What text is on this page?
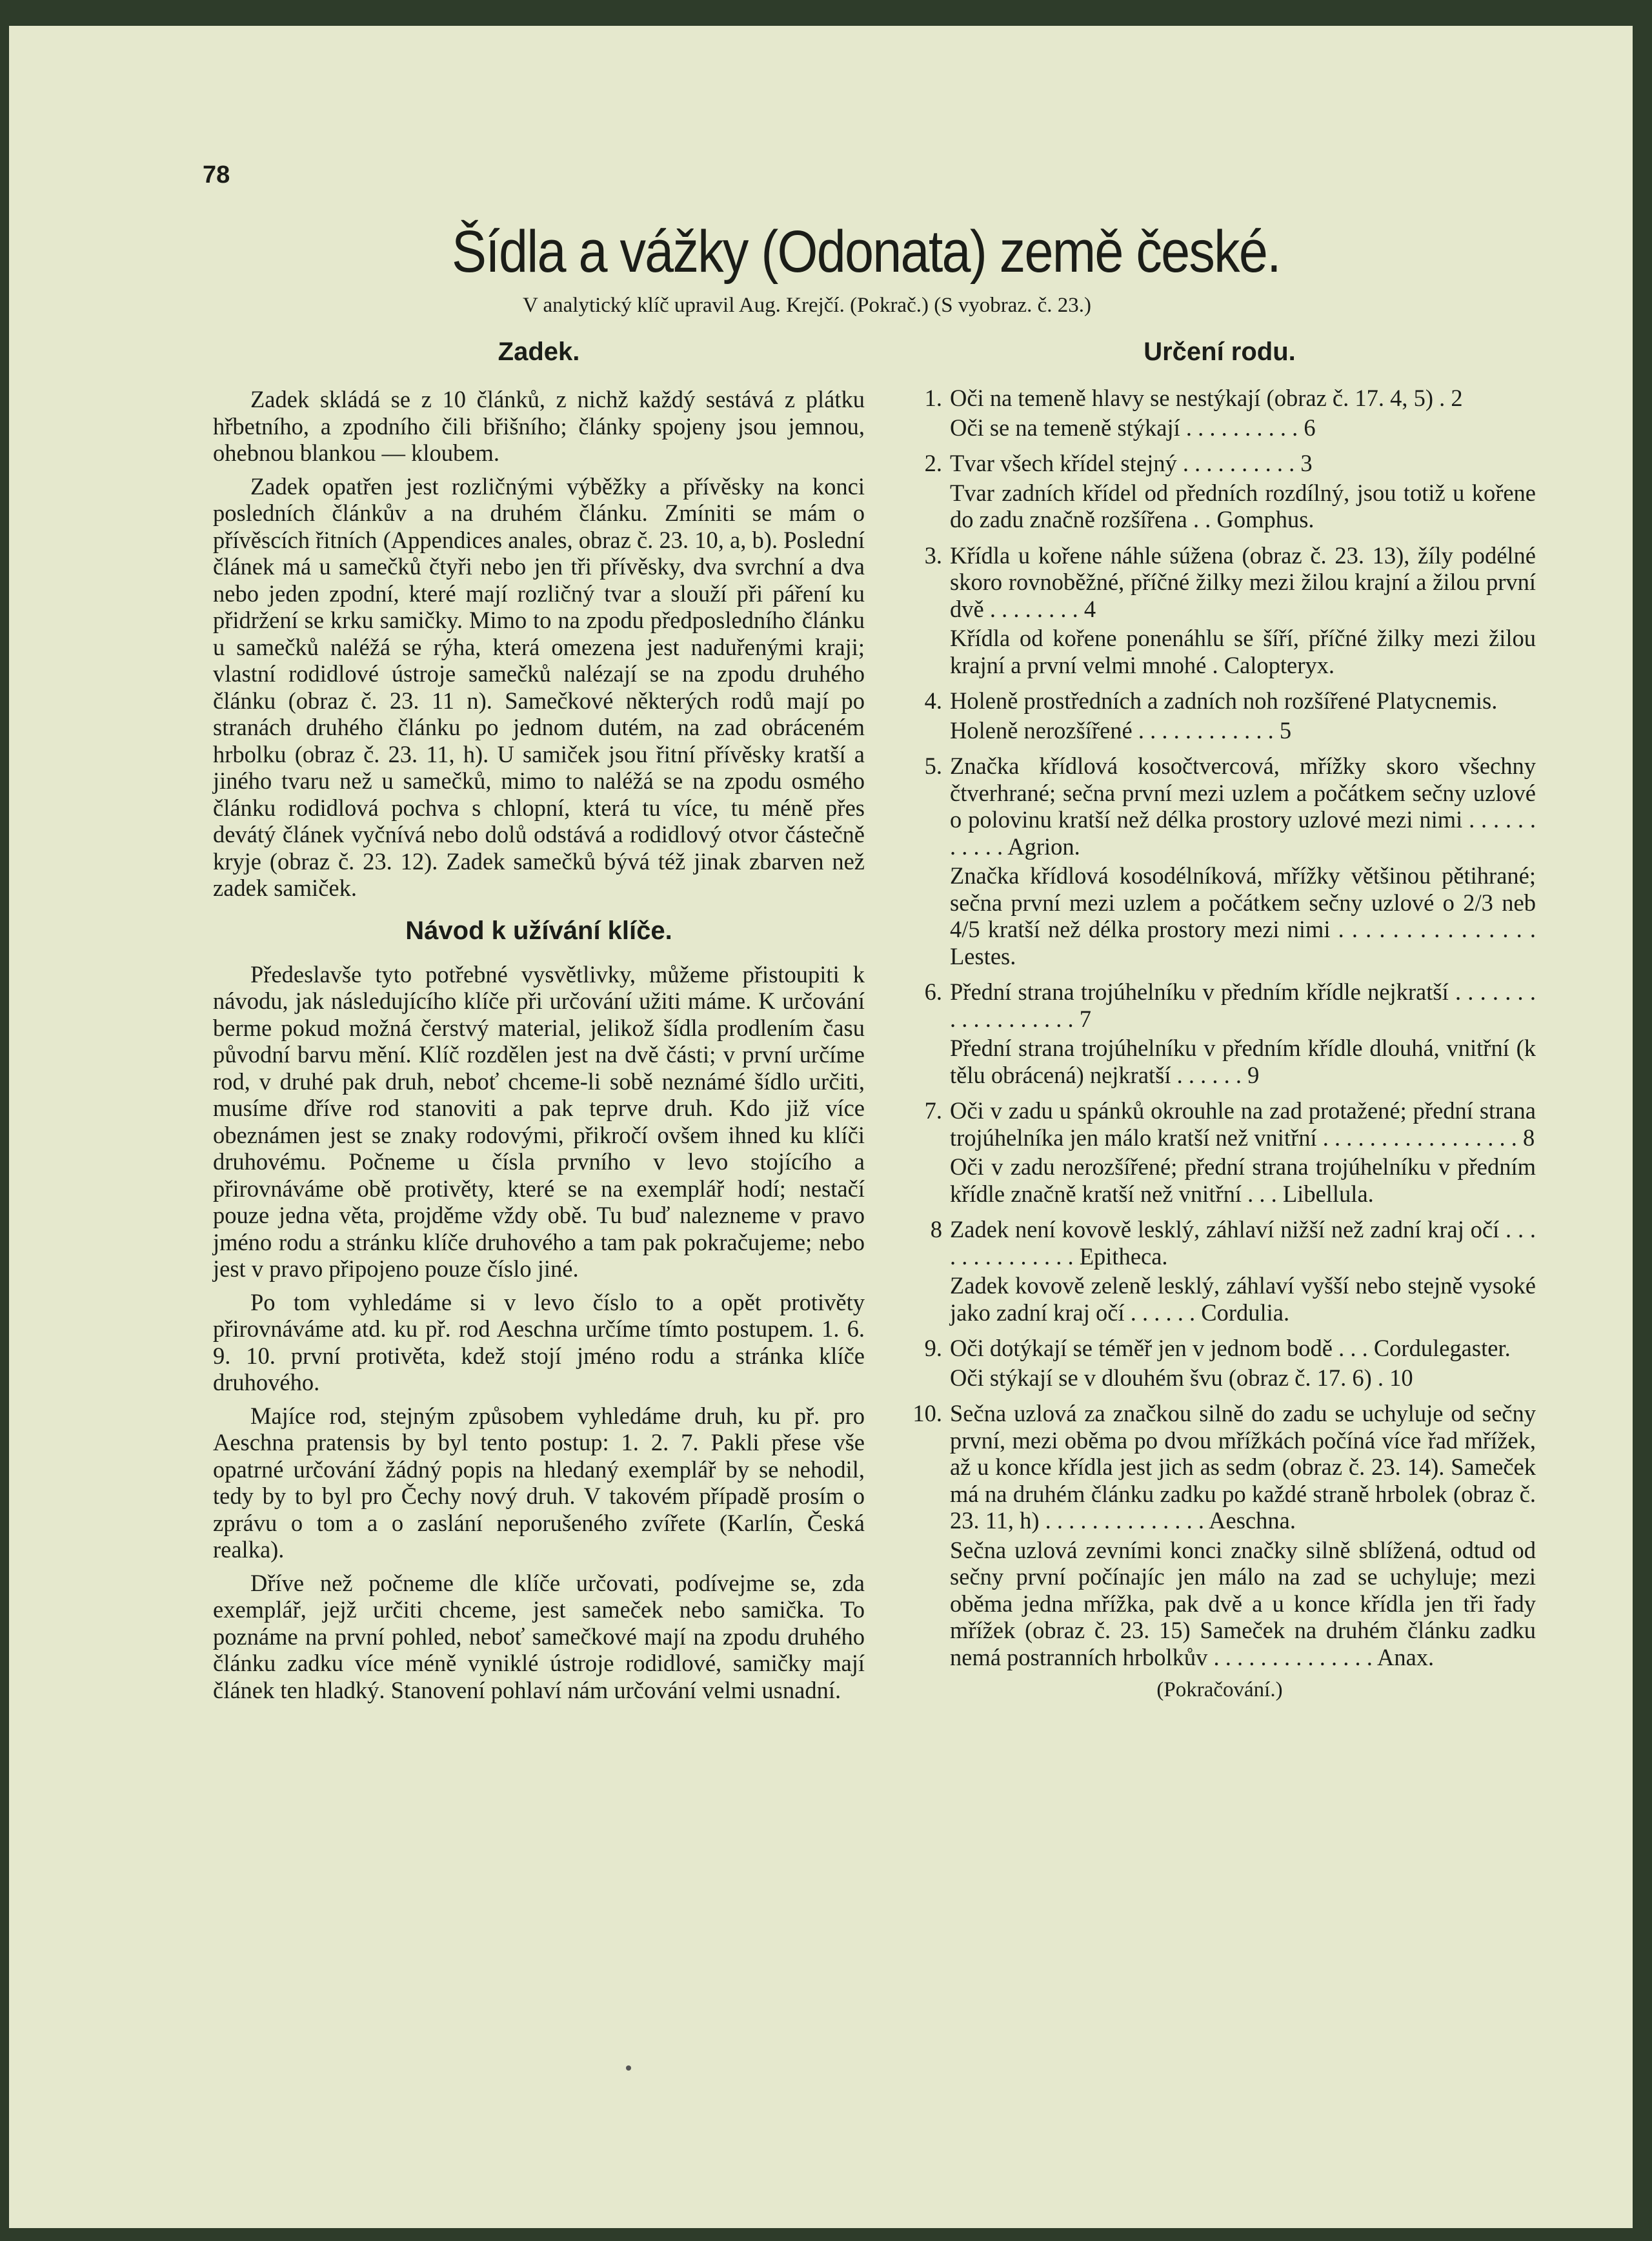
78
Šídla a vážky (Odonata) země české.
V analytický klíč upravil Aug. Krejčí. (Pokrač.) (S vyobraz. č. 23.)
Zadek.

Zadek skládá se z 10 článků, z nichž každý sestává z plátku hřbetního, a zpodního čili břišního; články spojeny jsou jemnou, ohebnou blankou — kloubem.

Zadek opatřen jest rozličnými výběžky a přívěsky na konci posledních článkův a na druhém článku. Zmíniti se mám o přívěscích řitních (Appendices anales, obraz č. 23. 10, a, b). Poslední článek má u samečků čtyři nebo jen tři přívěsky, dva svrchní a dva nebo jeden zpodní, které mají rozličný tvar a slouží při páření ku přidržení se krku samičky. Mimo to na zpodu předposledního článku u samečků naléžá se rýha, která omezena jest naduřenými kraji; vlastní rodidlové ústroje samečků nalézají se na zpodu druhého článku (obraz č. 23. 11 n). Samečkové některých rodů mají po stranách druhého článku po jednom dutém, na zad obráceném hrbolku (obraz č. 23. 11, h). U samiček jsou řitní přívěsky kratší a jiného tvaru než u samečků, mimo to naléžá se na zpodu osmého článku rodidlová pochva s chlopní, která tu více, tu méně přes devátý článek vyčnívá nebo dolů odstává a rodidlový otvor částečně kryje (obraz č. 23. 12). Zadek samečků bývá též jinak zbarven než zadek samiček.

Návod k užívání klíče.

Předeslavše tyto potřebné vysvětlivky, můžeme přistoupiti k návodu, jak následujícího klíče při určování užiti máme. K určování berme pokud možná čerstvý material, jelikož šídla prodlením času původní barvu mění. Klíč rozdělen jest na dvě části; v první určíme rod, v druhé pak druh, neboť chceme-li sobě neznámé šídlo určiti, musíme dříve rod stanoviti a pak teprve druh. Kdo již více obeznámen jest se znaky rodovými, přikročí ovšem ihned ku klíči druhovému. Počneme u čísla prvního v levo stojícího a přirovnáváme obě protivěty, které se na exemplář hodí; nestačí pouze jedna věta, projděme vždy obě. Tu buď nalezneme v pravo jméno rodu a stránku klíče druhového a tam pak pokračujeme; nebo jest v pravo připojeno pouze číslo jiné.

Po tom vyhledáme si v levo číslo to a opět protivěty přirovnáváme atd. ku př. rod Aeschna určíme tímto postupem. 1. 6. 9. 10. první protivěta, kdež stojí jméno rodu a stránka klíče druhového.

Majíce rod, stejným způsobem vyhledáme druh, ku př. pro Aeschna pratensis by byl tento postup: 1. 2. 7. Pakli přese vše opatrné určování žádný popis na hledaný exemplář by se nehodil, tedy by to byl pro Čechy nový druh. V takovém případě prosím o zprávu o tom a o zaslání neporušeného zvířete (Karlín, Česká realka).

Dříve než počneme dle klíče určovati, podívejme se, zda exemplář, jejž určiti chceme, jest sameček nebo samička. To poznáme na první pohled, neboť samečkové mají na zpodu druhého článku zadku více méně vyniklé ústroje rodidlové, samičky mají článek ten hladký. Stanovení pohlaví nám určování velmi usnadní.

Určení rodu.
1. Oči na temeně hlavy se nestýkají (obraz č. 17. 4, 5) . 2
Oči se na temeně stýkají . . . . . . . . . . 6
2. Tvar všech křídel stejný . . . . . . . . . . 3
Tvar zadních křídel od předních rozdílný, jsou totiž u kořene do zadu značně rozšířena . . Gomphus.
3. Křídla u kořene náhle súžena (obraz č. 23. 13), žíly podélné skoro rovnoběžné, příčné žilky mezi žilou krajní a žilou první dvě . . . . . . . . 4
Křídla od kořene ponenáhlu se šíří, příčné žilky mezi žilou krajní a první velmi mnohé . Calopteryx.
4. Holeně prostředních a zadních noh rozšířené Platycnemis.
Holeně nerozšířené . . . . . . . . . . . . 5
5. Značka křídlová kosočtvercová, mřížky skoro všechny čtverhrané; sečna první mezi uzlem a počátkem sečny uzlové o polovinu kratší než délka prostory uzlové mezi nimi . . . . . . . . . . . Agrion.
Značka křídlová kosodélníková, mřížky většinou pětihrané; sečna první mezi uzlem a počátkem sečny uzlové o 2/3 neb 4/5 kratší než délka prostory mezi nimi . . . . . . . . . . . . . . . Lestes.
6. Přední strana trojúhelníku v předním křídle nejkratší . . . . . . . . . . . . . . . . . . 7
Přední strana trojúhelníku v předním křídle dlouhá, vnitřní (k tělu obrácená) nejkratší . . . . . . 9
7. Oči v zadu u spánků okrouhle na zad protažené; přední strana trojúhelníka jen málo kratší než vnitřní . . . . . . . . . . . . . . . . . 8
Oči v zadu nerozšířené; přední strana trojúhelníku v předním křídle značně kratší než vnitřní . . . Libellula.
8 Zadek není kovově lesklý, záhlaví nižší než zadní kraj očí . . . . . . . . . . . . . . Epitheca.
Zadek kovově zeleně lesklý, záhlaví vyšší nebo stejně vysoké jako zadní kraj očí . . . . . . Cordulia.
9. Oči dotýkají se téměř jen v jednom bodě . . . Cordulegaster.
Oči stýkají se v dlouhém švu (obraz č. 17. 6) . 10
10. Sečna uzlová za značkou silně do zadu se uchyluje od sečny první, mezi oběma po dvou mřížkách počíná více řad mřížek, až u konce křídla jest jich as sedm (obraz č. 23. 14). Sameček má na druhém článku zadku po každé straně hrbolek (obraz č. 23. 11, h) . . . . . . . . . . . . . . Aeschna.
Sečna uzlová zevními konci značky silně sblížená, odtud od sečny první počínajíc jen málo na zad se uchyluje; mezi oběma jedna mřížka, pak dvě a u konce křídla jen tři řady mřížek (obraz č. 23. 15) Sameček na druhém článku zadku nemá postranních hrbolkův . . . . . . . . . . . . . . Anax.
(Pokračování.)
